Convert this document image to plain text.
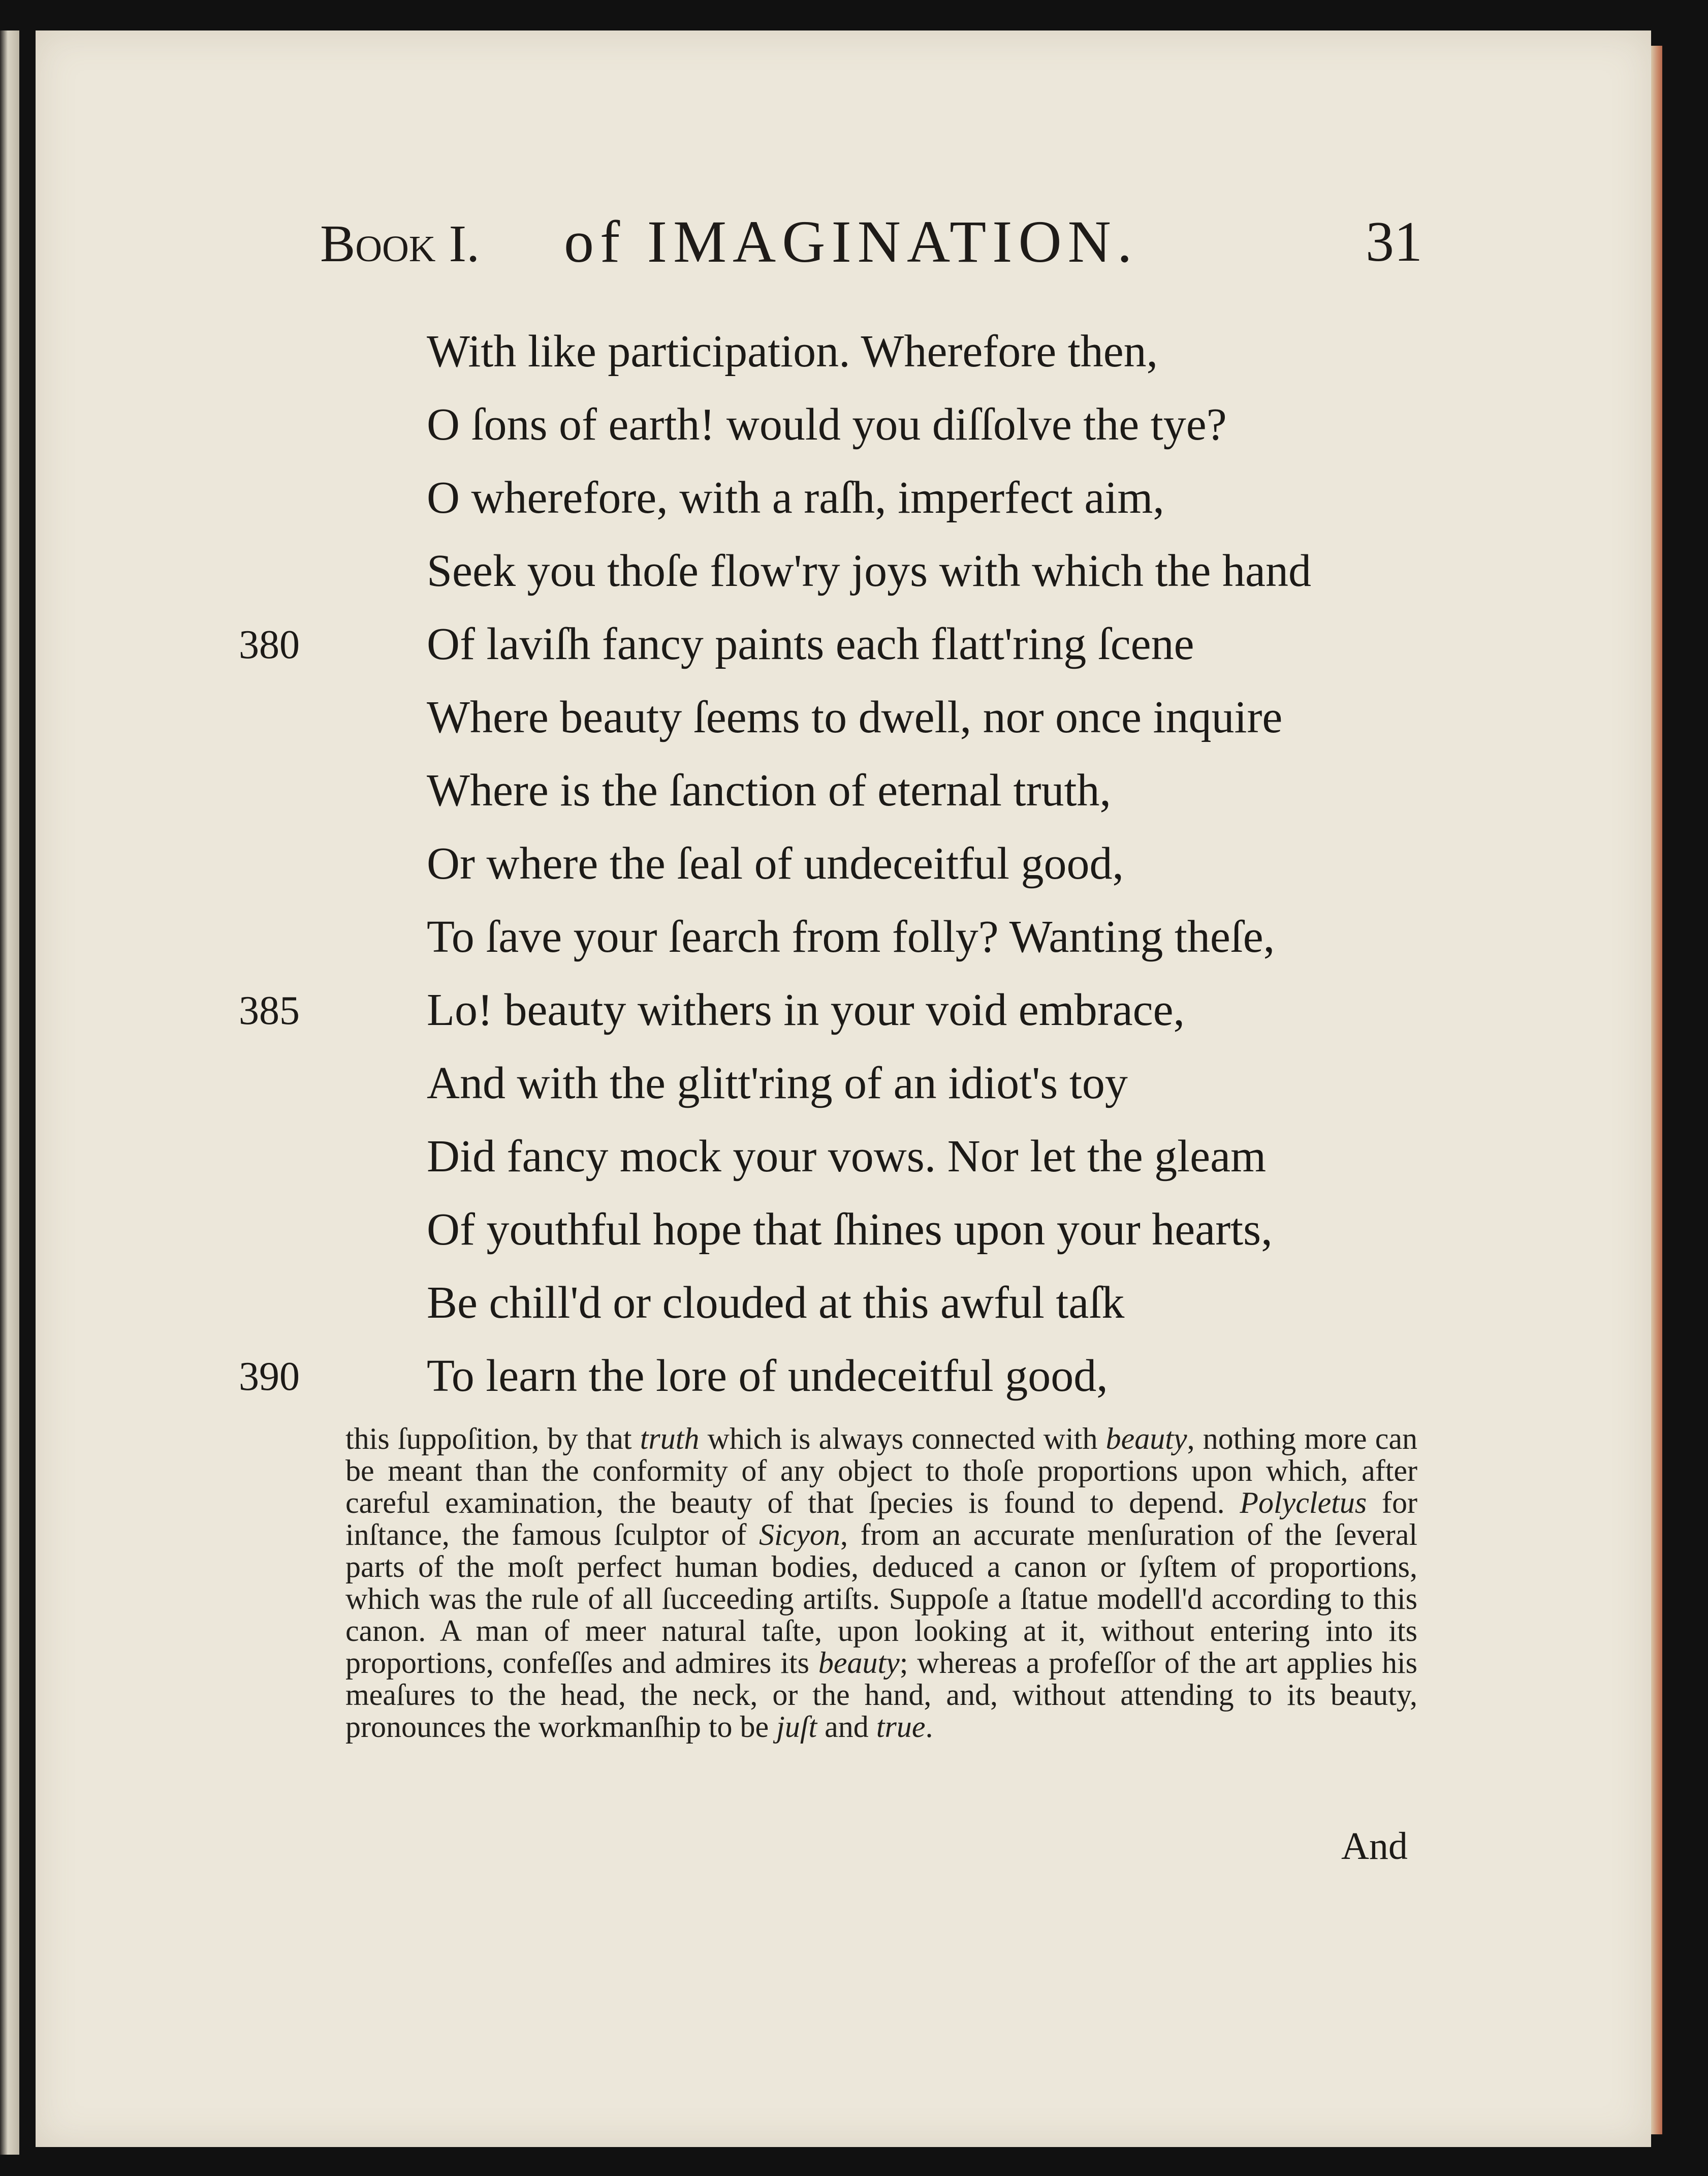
Book I. of IMAGINATION.	31
With like participation. Wherefore then,
O ſons of earth! would you diſſolve the tye?
O wherefore, with a raſh, imperfect aim,
Seek you thoſe flow'ry joys with which the hand
380	Of laviſh fancy paints each flatt'ring ſcene
Where beauty ſeems to dwell, nor once inquire
Where is the ſanction of eternal truth,
Or where the ſeal of undeceitful good,
To ſave your ſearch from folly? Wanting theſe,
385	Lo! beauty withers in your void embrace,
And with the glitt'ring of an idiot's toy
Did fancy mock your vows. Nor let the gleam
Of youthful hope that ſhines upon your hearts,
Be chill'd or clouded at this awful taſk
390	To learn the lore of undeceitful good,

this ſuppoſition, by that truth which is always connected with beauty, nothing more can be meant than the conformity of any object to thoſe proportions upon which, after careful examination, the beauty of that ſpecies is found to depend. Polycletus for inſtance, the famous ſculptor of Sicyon, from an accurate menſuration of the ſeveral parts of the moſt perfect human bodies, deduced a canon or ſyſtem of proportions, which was the rule of all ſucceeding artiſts. Suppoſe a ſtatue modell'd according to this canon. A man of meer natural taſte, upon looking at it, without entering into its proportions, confeſſes and admires its beauty; whereas a profeſſor of the art applies his meaſures to the head, the neck, or the hand, and, without attending to its beauty, pronounces the workmanſhip to be juſt and true.

And
